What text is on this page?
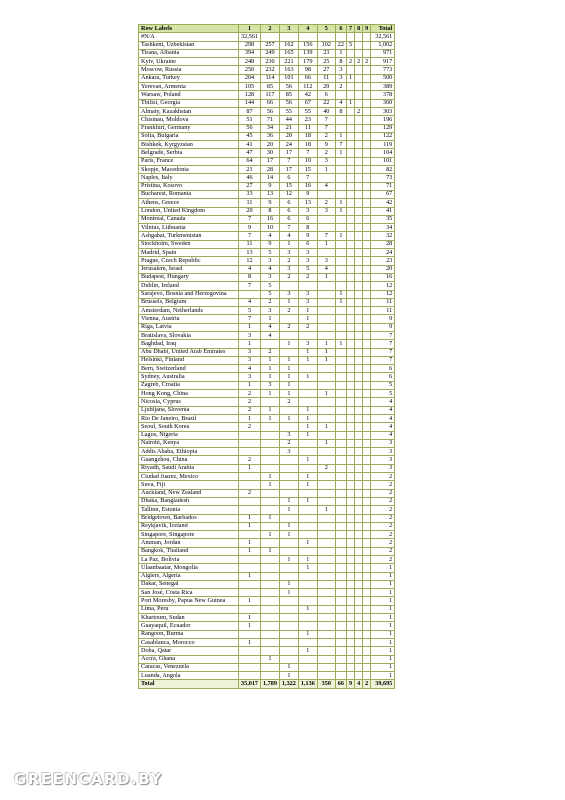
Row Labels	1	2	3	4	5	6	7	8	9	Total
#N/A	32,561									32,561
Tashkent, Uzbekistan	298	257	162	156	102	22	5			1,002
Tirana, Albania	394	249	165	139	23	1				971
Kyiv, Ukraine	248	230	221	179	25	8	2	2	2	917
Moscow, Russia	250	232	163	98	27	3				773
Ankara, Turkey	204	114	101	66	11	3	1			500
Yerevan, Armenia	105	85	56	112	29	2				389
Warsaw, Poland	128	117	85	42	6					378
Tbilisi, Georgia	144	66	56	67	22	4	1			360
Almaty, Kazakhstan	87	56	55	55	40	8		2		303
Chisinau, Moldova	51	71	44	23	7					196
Frankfurt, Germany	56	34	21	11	7					129
Sofia, Bulgaria	45	36	20	18	2	1				122
Bishkek, Kyrgyzstan	41	20	24	18	9	7				119
Belgrade, Serbia	47	30	17	7	2	1				104
Paris, France	64	17	7	10	3					101
Skopje, Macedonia	21	28	17	15	1					82
Naples, Italy	46	14	6	7						73
Pristina, Kosovo	27	9	15	16	4					71
Bucharest, Romania	33	13	12	9						67
Athens, Greece	11	9	6	13	2	1				42
London, United Kingdom	20	8	6	3	3	1				41
Montreal, Canada	7	16	6	6						35
Vilnius, Lithuania	9	10	7	8						34
Ashgabat, Turkmenistan	7	4	4	9	7	1				32
Stockholm, Sweden	11	9	1	6	1					28
Madrid, Spain	13	5	3	3						24
Prague, Czech Republic	12	3	2	3	3					23
Jerusalem, Israel	4	4	3	5	4					20
Budapest, Hungary	8	3	2	2	1					16
Dublin, Ireland	7	5								12
Sarajevo, Bosnia and Herzegovina		5	3	3		1				12
Brussels, Belgium	4	2	1	3		1				11
Amsterdam, Netherlands	5	3	2	1						11
Vienna, Austria	7	1		1						9
Riga, Latvia	1	4	2	2						9
Bratislava, Slovakia	3	4								7
Baghdad, Iraq	1		1	3	1	1				7
Abu Dhabi, United Arab Emirates	3	2		1	1					7
Helsinki, Finland	3	1	1	1	1					7
Bern, Switzerland	4	1	1							6
Sydney, Australia	3	1	1	1						6
Zagreb, Croatia	1	3	1							5
Hong Kong, China	2	1	1		1					5
Nicosia, Cyprus	2		2							4
Ljubljana, Slovenia	2	1		1						4
Rio De Janeiro, Brazil	1	1	1	1						4
Seoul, South Korea	2			1	1					4
Lagos, Nigeria			3	1						4
Nairobi, Kenya			2		1					3
Addis Ababa, Ethiopia			3							3
Guangzhou, China	2			1						3
Riyadh, Saudi Arabia	1				2					3
Ciudad Juarez, Mexico		1		1						2
Suva, Fiji		1		1						2
Auckland, New Zealand	2									2
Dhaka, Bangladesh			1	1						2
Tallinn, Estonia			1		1					2
Bridgetown, Barbados	1	1								2
Reykjavik, Iceland	1		1							2
Singapore, Singapore		1	1							2
Amman, Jordan	1			1						2
Bangkok, Thailand	1	1								2
La Paz, Bolivia			1	1						2
Ulaanbaatar, Mongolia				1						1
Algiers, Algeria	1									1
Dakar, Senegal			1							1
San José, Costa Rica			1							1
Port Moresby, Papua New Guinea	1									1
Lima, Peru				1						1
Khartoum, Sudan	1									1
Guayaquil, Ecuador	1									1
Rangoon, Burma				1						1
Casablanca, Morocco	1									1
Doha, Qatar				1						1
Accra, Ghana		1								1
Caracas, Venezuela			1							1
Luanda, Angola			1							1
Total	35,017	1,789	1,322	1,136	350	66	9	4	2	39,695
GREENCARD.BY
